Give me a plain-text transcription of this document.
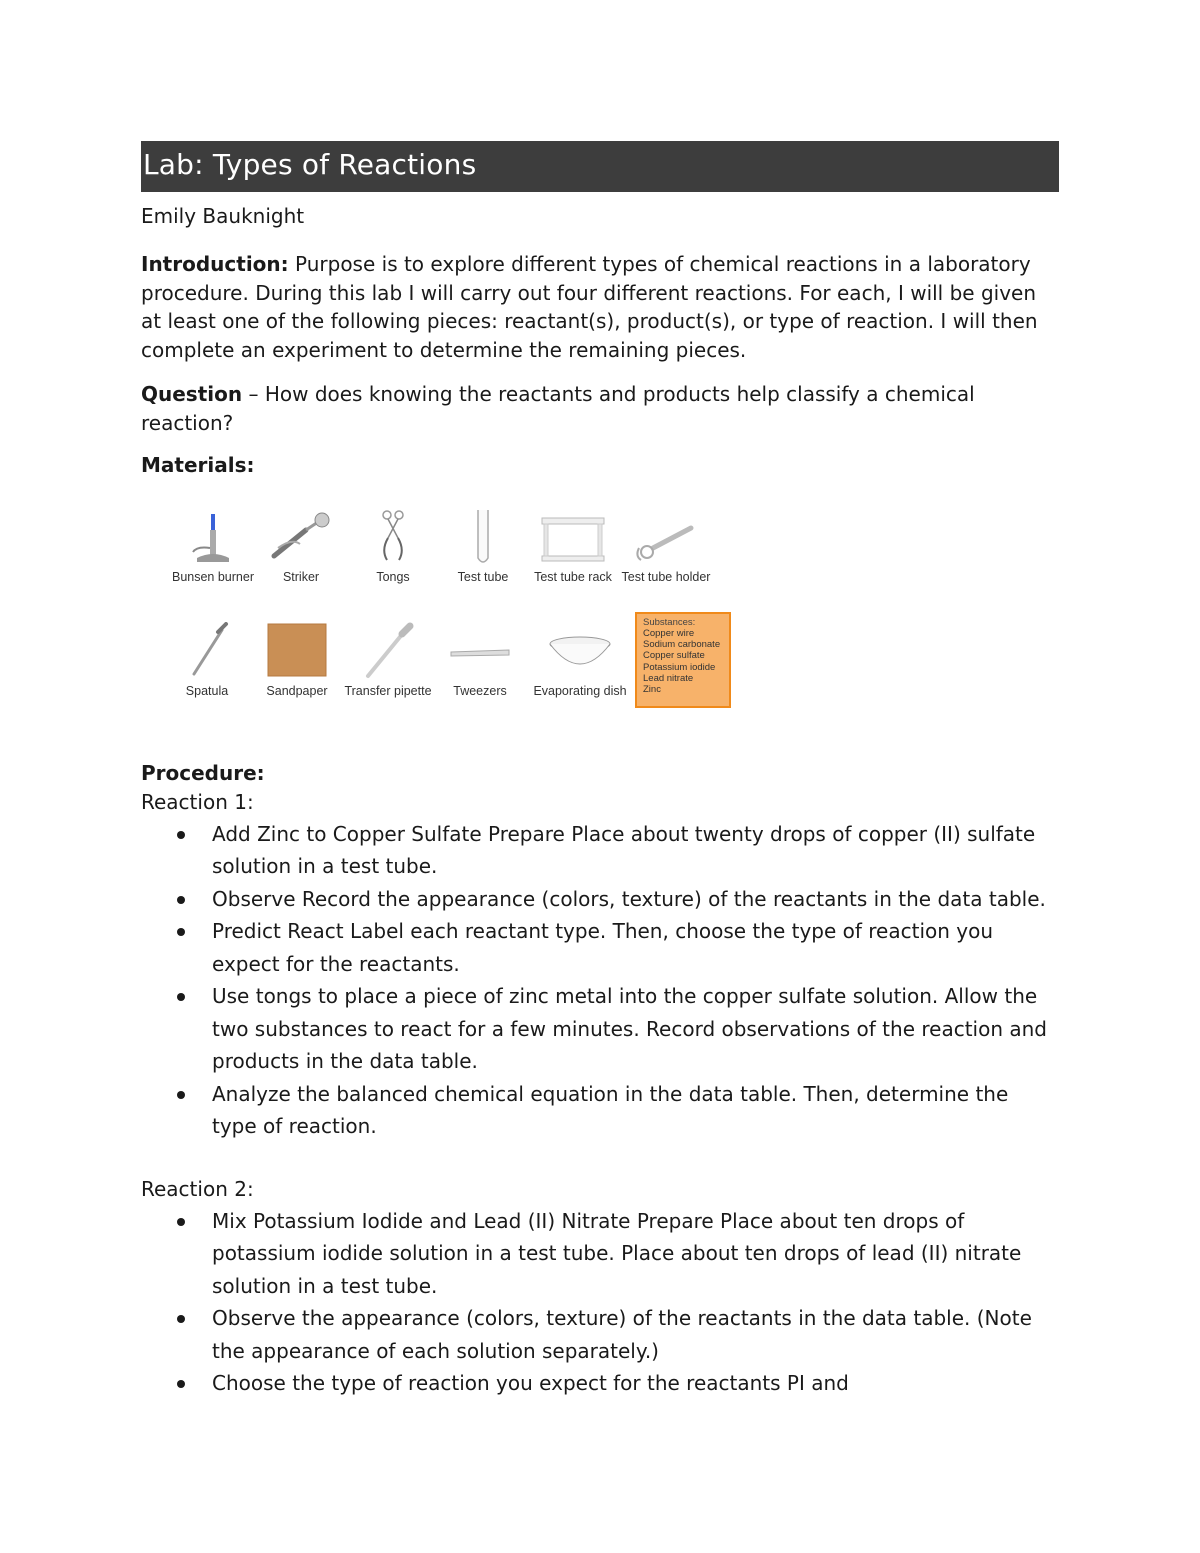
Lab: Types of Reactions
Emily Bauknight
Introduction: Purpose is to explore different types of chemical reactions in a laboratory procedure. During this lab I will carry out four different reactions. For each, I will be given at least one of the following pieces: reactant(s), product(s), or type of reaction. I will then complete an experiment to determine the remaining pieces.
Question – How does knowing the reactants and products help classify a chemical reaction?
Materials:
Bunsen burner	Striker	Tongs	Test tube	Test tube rack Test tube holder
Spatula	Sandpaper	Transfer pipette	Tweezers	Evaporating dish
Substances:
Copper wire
Sodium carbonate
Copper sulfate
Potassium iodide
Lead nitrate
Zinc
Procedure:
Reaction 1:
Add Zinc to Copper Sulfate Prepare Place about twenty drops of copper (II) sulfate solution in a test tube.
Observe Record the appearance (colors, texture) of the reactants in the data table.
Predict React Label each reactant type. Then, choose the type of reaction you expect for the reactants.
Use tongs to place a piece of zinc metal into the copper sulfate solution. Allow the two substances to react for a few minutes. Record observations of the reaction and products in the data table.
Analyze the balanced chemical equation in the data table. Then, determine the type of reaction.
Reaction 2:
Mix Potassium Iodide and Lead (II) Nitrate Prepare Place about ten drops of potassium iodide solution in a test tube. Place about ten drops of lead (II) nitrate solution in a test tube.
Observe the appearance (colors, texture) of the reactants in the data table. (Note the appearance of each solution separately.)
Choose the type of reaction you expect for the reactants PI and
